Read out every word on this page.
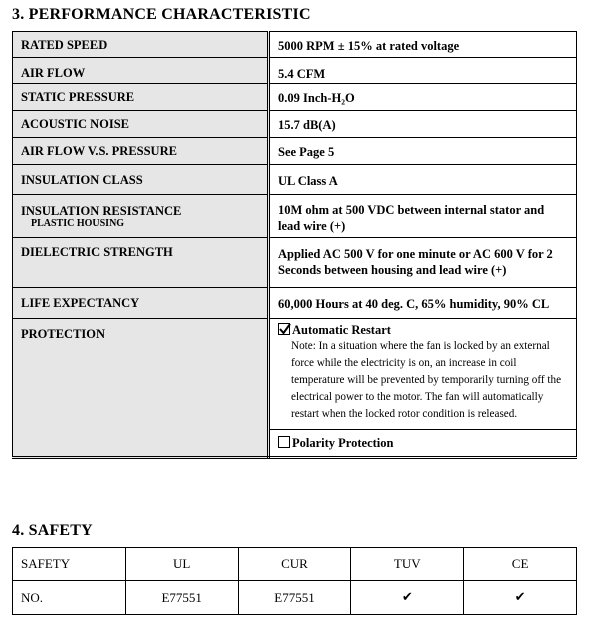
3. PERFORMANCE CHARACTERISTIC
RATED SPEED	5000 RPM ± 15% at rated voltage
AIR FLOW	5.4 CFM
STATIC PRESSURE	0.09 Inch-H₂O
ACOUSTIC NOISE	15.7 dB(A)
AIR FLOW V.S. PRESSURE	See Page 5
INSULATION CLASS	UL Class A
INSULATION RESISTANCE
PLASTIC HOUSING	10M ohm at 500 VDC between internal stator and lead wire (+)
DIELECTRIC STRENGTH	Applied AC 500 V for one minute or AC 600 V for 2 Seconds between housing and lead wire (+)
LIFE EXPECTANCY	60,000 Hours at 40 deg. C, 65% humidity, 90% CL
PROTECTION	Automatic Restart
Note: In a situation where the fan is locked by an external force while the electricity is on, an increase in coil temperature will be prevented by temporarily turning off the electrical power to the motor. The fan will automatically restart when the locked rotor condition is released.
Polarity Protection
4. SAFETY
SAFETY	UL	CUR	TUV	CE
NO.	E77551	E77551	✔	✔
